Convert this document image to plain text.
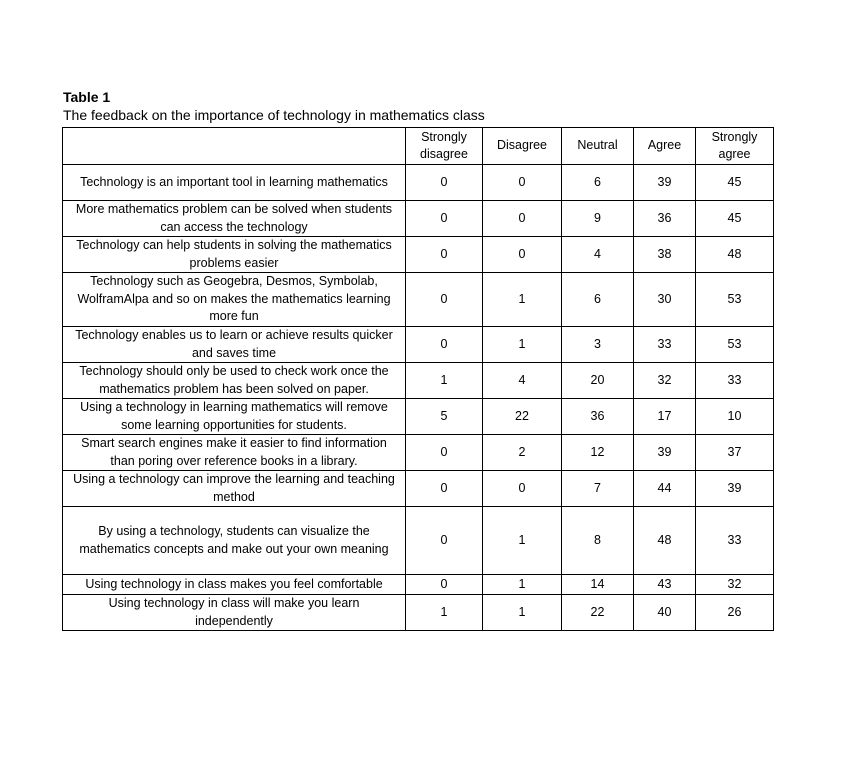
Table 1
The feedback on the importance of technology in mathematics class
	Strongly disagree	Disagree	Neutral	Agree	Strongly agree
Technology is an important tool in learning mathematics	0	0	6	39	45
More mathematics problem can be solved when students can access the technology	0	0	9	36	45
Technology can help students in solving the mathematics problems easier	0	0	4	38	48
Technology such as Geogebra, Desmos, Symbolab, WolframAlpa and so on makes the mathematics learning more fun	0	1	6	30	53
Technology enables us to learn or achieve results quicker and saves time	0	1	3	33	53
Technology should only be used to check work once the mathematics problem has been solved on paper.	1	4	20	32	33
Using a technology in learning mathematics will remove some learning opportunities for students.	5	22	36	17	10
Smart search engines make it easier to find information than poring over reference books in a library.	0	2	12	39	37
Using a technology can improve the learning and teaching method	0	0	7	44	39
By using a technology, students can visualize the mathematics concepts and make out your own meaning	0	1	8	48	33
Using technology in class makes you feel comfortable	0	1	14	43	32
Using technology in class will make you learn independently	1	1	22	40	26
